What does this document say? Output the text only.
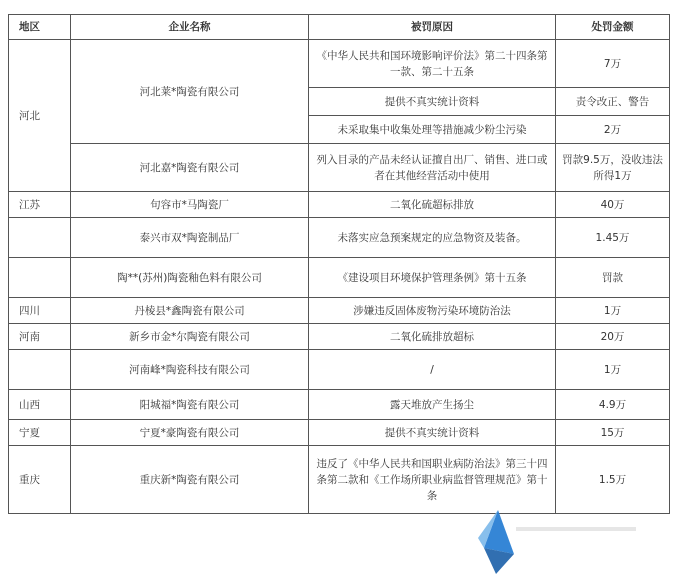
地区	企业名称	被罚原因	处罚金额
河北	河北莱*陶瓷有限公司	《中华人民共和国环境影响评价法》第二十四条第一款、第二十五条	7万
		提供不真实统计资料	责令改正、警告
		未采取集中收集处理等措施减少粉尘污染	2万
	河北嘉*陶瓷有限公司	列入目录的产品未经认证擅自出厂、销售、进口或者在其他经营活动中使用	罚款9.5万，没收违法所得1万
江苏	句容市*马陶瓷厂	二氧化硫超标排放	40万
	泰兴市双*陶瓷制品厂	未落实应急预案规定的应急物资及装备。	1.45万
	陶**(苏州)陶瓷釉色料有限公司	《建设项目环境保护管理条例》第十五条	罚款
四川	丹棱县*鑫陶瓷有限公司	涉嫌违反固体废物污染环境防治法	1万
河南	新乡市金*尔陶瓷有限公司	二氧化硫排放超标	20万
	河南峰*陶瓷科技有限公司	/	1万
山西	阳城福*陶瓷有限公司	露天堆放产生扬尘	4.9万
宁夏	宁夏*豪陶瓷有限公司	提供不真实统计资料	15万
重庆	重庆新*陶瓷有限公司	违反了《中华人民共和国职业病防治法》第三十四条第二款和《工作场所职业病监督管理规范》第十条	1.5万
